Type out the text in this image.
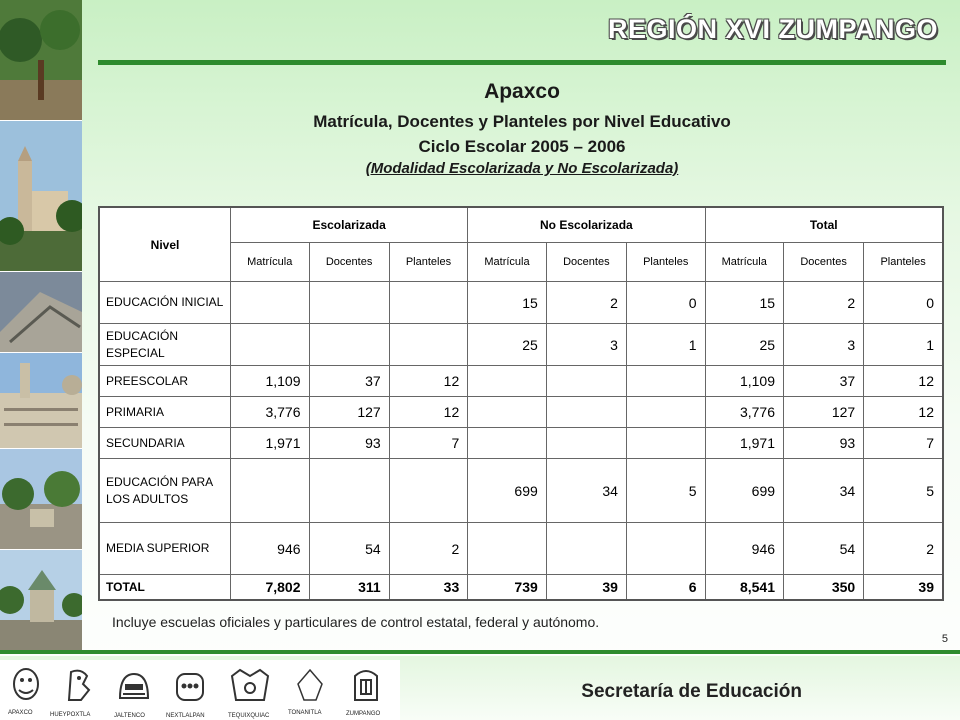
REGIÓN XVI ZUMPANGO
Apaxco
Matrícula, Docentes y Planteles por Nivel Educativo
Ciclo Escolar 2005 – 2006
(Modalidad Escolarizada y No Escolarizada)
Nivel	Escolarizada			No Escolarizada			Total		
	Matrícula	Docentes	Planteles	Matrícula	Docentes	Planteles	Matrícula	Docentes	Planteles
EDUCACIÓN INICIAL				15	2	0	15	2	0
EDUCACIÓN ESPECIAL				25	3	1	25	3	1
PREESCOLAR	1,109	37	12				1,109	37	12
PRIMARIA	3,776	127	12				3,776	127	12
SECUNDARIA	1,971	93	7				1,971	93	7
EDUCACIÓN PARA LOS ADULTOS				699	34	5	699	34	5
MEDIA SUPERIOR	946	54	2				946	54	2
TOTAL	7,802	311	33	739	39	6	8,541	350	39
Incluye escuelas oficiales y particulares de control estatal, federal y autónomo.
5
APAXCO	HUEYPOXTLA	JALTENCO	NEXTLALPAN	TEQUIXQUIAC	TONANITLA	ZUMPANGO
Secretaría de Educación
